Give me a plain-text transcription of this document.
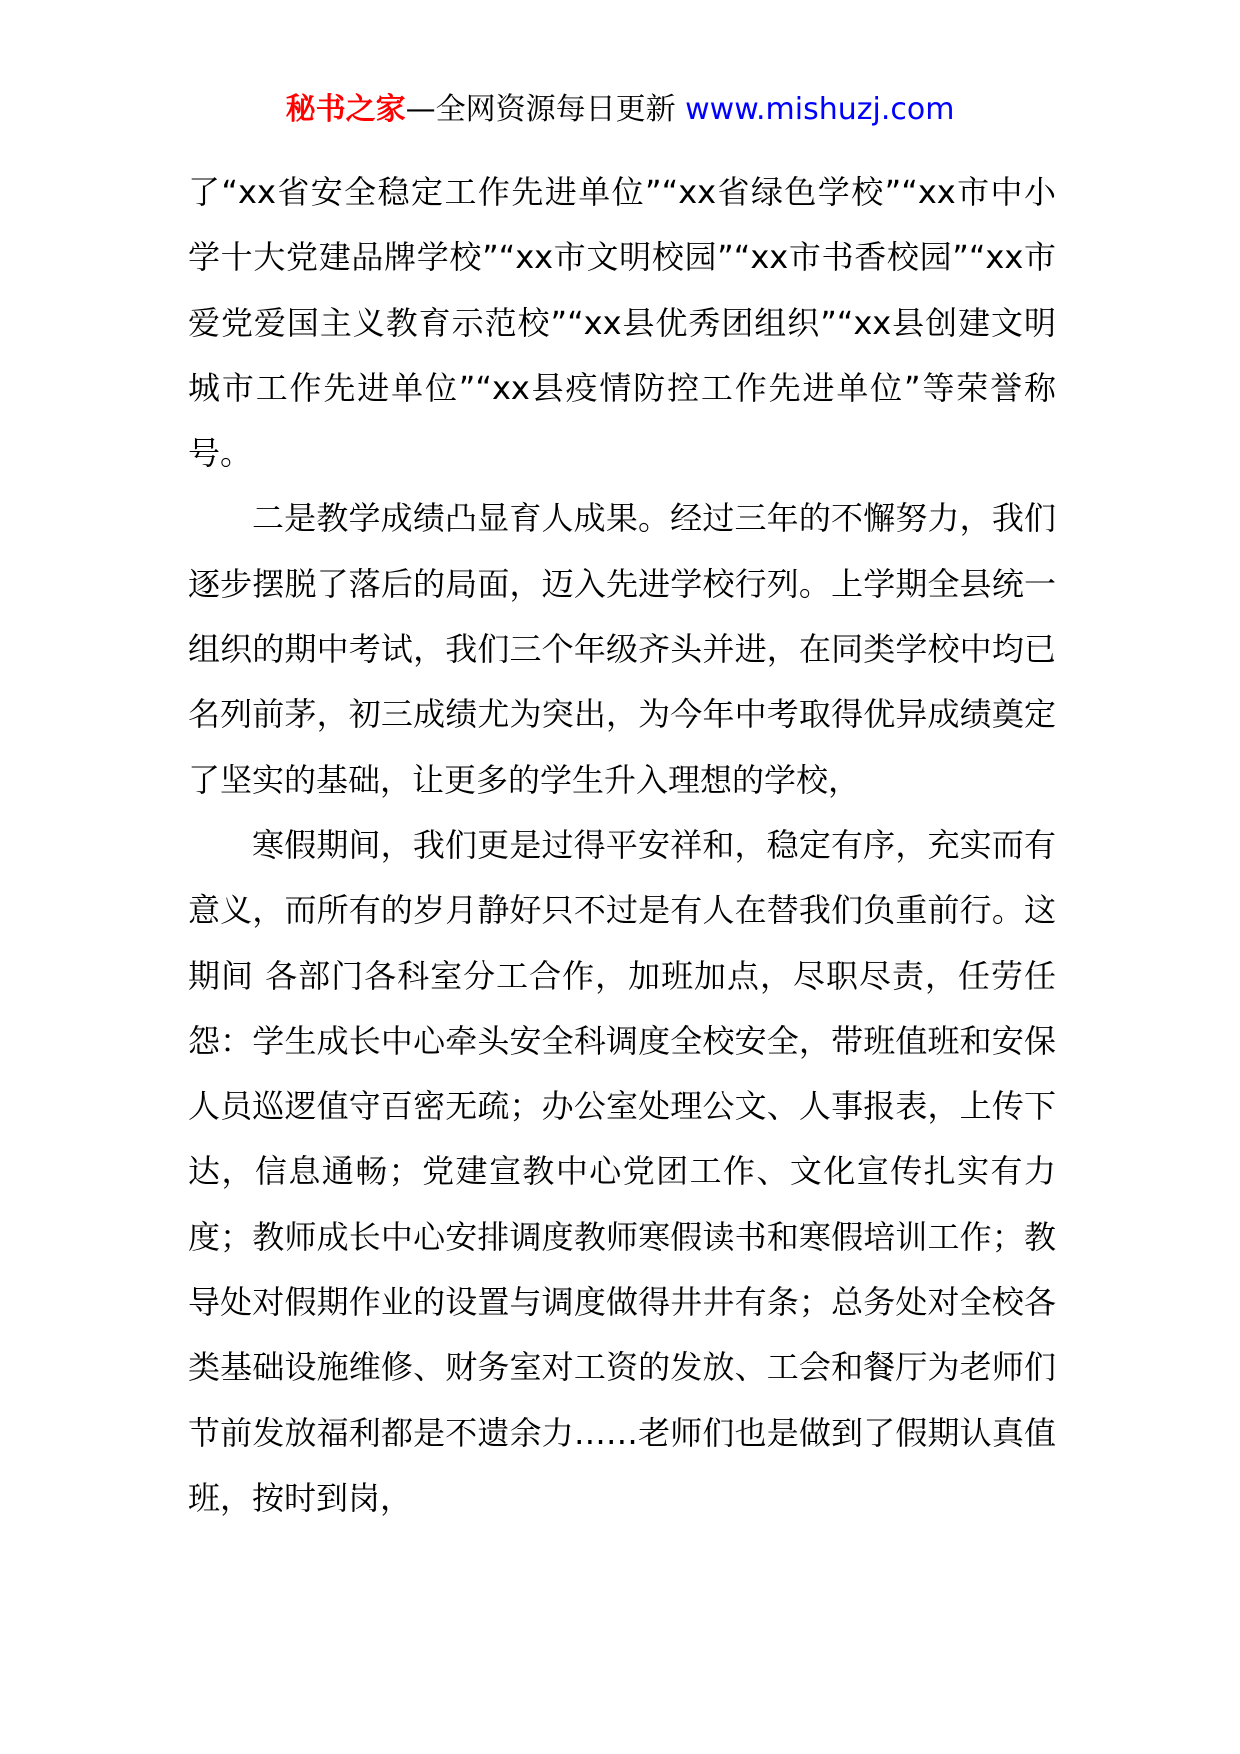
秘书之家—全网资源每日更新 www.mishuzj.com

了“xx省安全稳定工作先进单位”“xx省绿色学校”“xx市中小学十大党建品牌学校”“xx市文明校园”“xx市书香校园”“xx市爱党爱国主义教育示范校”“xx县优秀团组织”“xx县创建文明城市工作先进单位”“xx县疫情防控工作先进单位”等荣誉称号。

二是教学成绩凸显育人成果。经过三年的不懈努力，我们逐步摆脱了落后的局面，迈入先进学校行列。上学期全县统一组织的期中考试，我们三个年级齐头并进，在同类学校中均已名列前茅，初三成绩尤为突出，为今年中考取得优异成绩奠定了坚实的基础，让更多的学生升入理想的学校，

寒假期间，我们更是过得平安祥和，稳定有序，充实而有意义，而所有的岁月静好只不过是有人在替我们负重前行。这期间 各部门各科室分工合作，加班加点，尽职尽责，任劳任怨：学生成长中心牵头安全科调度全校安全，带班值班和安保人员巡逻值守百密无疏；办公室处理公文、人事报表，上传下达，信息通畅；党建宣教中心党团工作、文化宣传扎实有力度；教师成长中心安排调度教师寒假读书和寒假培训工作；教导处对假期作业的设置与调度做得井井有条；总务处对全校各类基础设施维修、财务室对工资的发放、工会和餐厅为老师们节前发放福利都是不遗余力……老师们也是做到了假期认真值班，按时到岗，
